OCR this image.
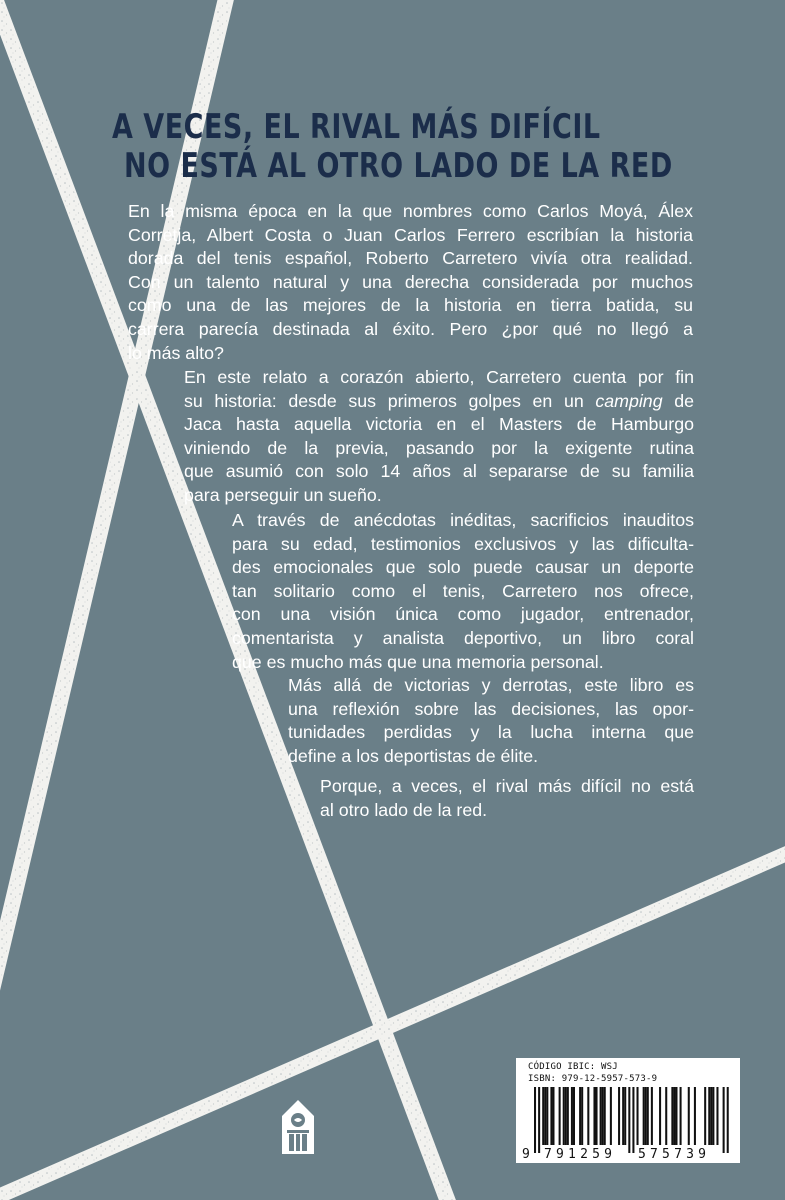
A VECES, EL RIVAL MÁS DIFÍCIL
NO ESTÁ AL OTRO LADO DE LA RED
En la misma época en la que nombres como Carlos Moyá, Álex
Corretja, Albert Costa o Juan Carlos Ferrero escribían la historia
dorada del tenis español, Roberto Carretero vivía otra realidad.
Con un talento natural y una derecha considerada por muchos
como una de las mejores de la historia en tierra batida, su
carrera parecía destinada al éxito. Pero ¿por qué no llegó a
lo más alto?
En este relato a corazón abierto, Carretero cuenta por fin
su historia: desde sus primeros golpes en un camping de
Jaca hasta aquella victoria en el Masters de Hamburgo
viniendo de la previa, pasando por la exigente rutina
que asumió con solo 14 años al separarse de su familia
para perseguir un sueño.
A través de anécdotas inéditas, sacrificios inauditos
para su edad, testimonios exclusivos y las dificulta-
des emocionales que solo puede causar un deporte
tan solitario como el tenis, Carretero nos ofrece,
con una visión única como jugador, entrenador,
comentarista y analista deportivo, un libro coral
que es mucho más que una memoria personal.
Más allá de victorias y derrotas, este libro es
una reflexión sobre las decisiones, las opor-
tunidades perdidas y la lucha interna que
define a los deportistas de élite.
Porque, a veces, el rival más difícil no está
al otro lado de la red.
CÓDIGO IBIC: WSJ
ISBN: 979-12-5957-573-9
9 791259 575739
